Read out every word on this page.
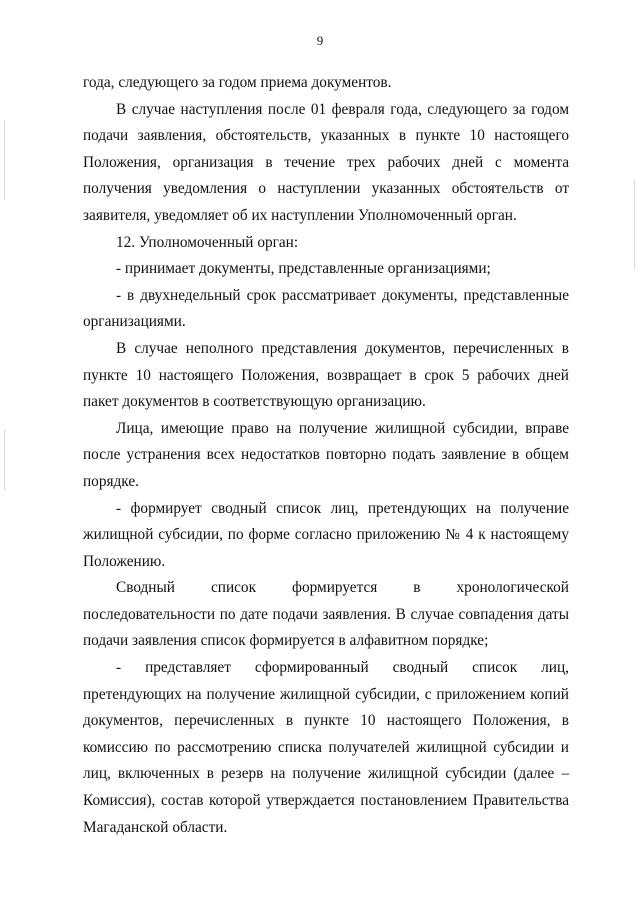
9

года, следующего за годом приема документов.

В случае наступления после 01 февраля года, следующего за годом подачи заявления, обстоятельств, указанных в пункте 10 настоящего Положения, организация в течение трех рабочих дней с момента получения уведомления о наступлении указанных обстоятельств от заявителя, уведомляет об их наступлении Уполномоченный орган.

12. Уполномоченный орган:

- принимает документы, представленные организациями;

- в двухнедельный срок рассматривает документы, представленные организациями.

В случае неполного представления документов, перечисленных в пункте 10 настоящего Положения, возвращает в срок 5 рабочих дней пакет документов в соответствующую организацию.

Лица, имеющие право на получение жилищной субсидии, вправе после устранения всех недостатков повторно подать заявление в общем порядке.

- формирует сводный список лиц, претендующих на получение жилищной субсидии, по форме согласно приложению № 4 к настоящему Положению.

Сводный список формируется в хронологической последовательности по дате подачи заявления. В случае совпадения даты подачи заявления список формируется в алфавитном порядке;

- представляет сформированный сводный список лиц, претендующих на получение жилищной субсидии, с приложением копий документов, перечисленных в пункте 10 настоящего Положения, в комиссию по рассмотрению списка получателей жилищной субсидии и лиц, включенных в резерв на получение жилищной субсидии (далее – Комиссия), состав которой утверждается постановлением Правительства Магаданской области.
